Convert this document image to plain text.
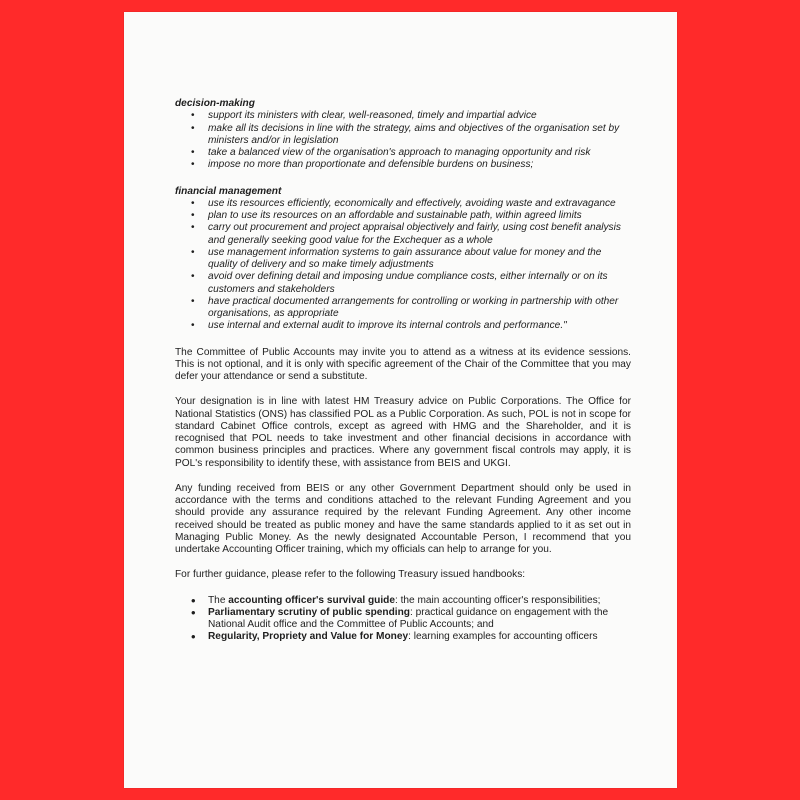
decision-making
• support its ministers with clear, well-reasoned, timely and impartial advice
• make all its decisions in line with the strategy, aims and objectives of the organisation set by ministers and/or in legislation
• take a balanced view of the organisation's approach to managing opportunity and risk
• impose no more than proportionate and defensible burdens on business;
financial management
• use its resources efficiently, economically and effectively, avoiding waste and extravagance
• plan to use its resources on an affordable and sustainable path, within agreed limits
• carry out procurement and project appraisal objectively and fairly, using cost benefit analysis and generally seeking good value for the Exchequer as a whole
• use management information systems to gain assurance about value for money and the quality of delivery and so make timely adjustments
• avoid over defining detail and imposing undue compliance costs, either internally or on its customers and stakeholders
• have practical documented arrangements for controlling or working in partnership with other organisations, as appropriate
• use internal and external audit to improve its internal controls and performance."

The Committee of Public Accounts may invite you to attend as a witness at its evidence sessions. This is not optional, and it is only with specific agreement of the Chair of the Committee that you may defer your attendance or send a substitute.

Your designation is in line with latest HM Treasury advice on Public Corporations. The Office for National Statistics (ONS) has classified POL as a Public Corporation. As such, POL is not in scope for standard Cabinet Office controls, except as agreed with HMG and the Shareholder, and it is recognised that POL needs to take investment and other financial decisions in accordance with common business principles and practices. Where any government fiscal controls may apply, it is POL's responsibility to identify these, with assistance from BEIS and UKGI.

Any funding received from BEIS or any other Government Department should only be used in accordance with the terms and conditions attached to the relevant Funding Agreement and you should provide any assurance required by the relevant Funding Agreement. Any other income received should be treated as public money and have the same standards applied to it as set out in Managing Public Money. As the newly designated Accountable Person, I recommend that you undertake Accounting Officer training, which my officials can help to arrange for you.

For further guidance, please refer to the following Treasury issued handbooks:

• The accounting officer's survival guide: the main accounting officer's responsibilities;
• Parliamentary scrutiny of public spending: practical guidance on engagement with the National Audit office and the Committee of Public Accounts; and
• Regularity, Propriety and Value for Money: learning examples for accounting officers
